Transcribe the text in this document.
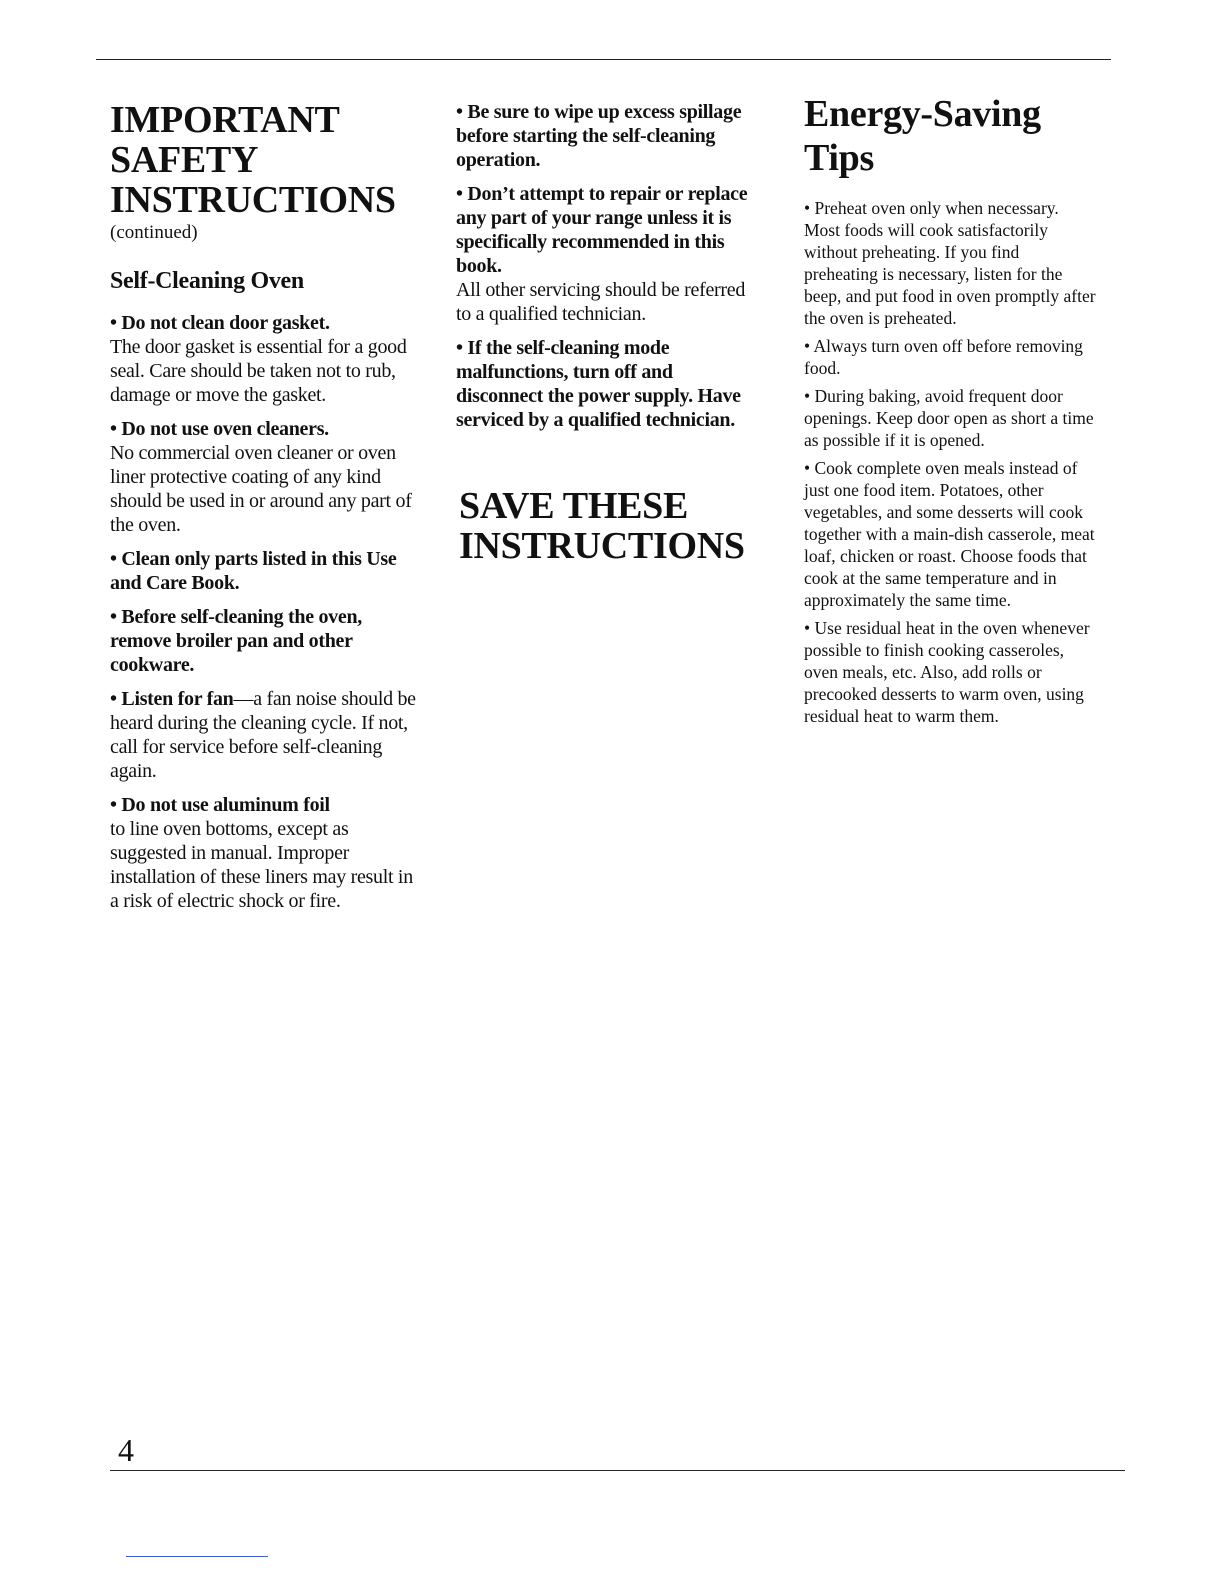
IMPORTANT
SAFETY
INSTRUCTIONS
(continued)
Self-Cleaning Oven

• Do not clean door gasket.
The door gasket is essential for a good seal. Care should be taken not to rub, damage or move the gasket.

• Do not use oven cleaners.
No commercial oven cleaner or oven liner protective coating of any kind should be used in or around any part of the oven.

• Clean only parts listed in this Use and Care Book.

• Before self-cleaning the oven, remove broiler pan and other cookware.

• Listen for fan—a fan noise should be heard during the cleaning cycle. If not, call for service before self-cleaning again.

• Do not use aluminum foil
to line oven bottoms, except as suggested in manual. Improper installation of these liners may result in a risk of electric shock or fire.

• Be sure to wipe up excess spillage before starting the self-cleaning operation.

• Don’t attempt to repair or replace any part of your range unless it is specifically recommended in this book.
All other servicing should be referred to a qualified technician.

• If the self-cleaning mode malfunctions, turn off and disconnect the power supply. Have serviced by a qualified technician.

SAVE THESE
INSTRUCTIONS
Energy-Saving
Tips

• Preheat oven only when necessary. Most foods will cook satisfactorily without preheating. If you find preheating is necessary, listen for the beep, and put food in oven promptly after the oven is preheated.

• Always turn oven off before removing food.

• During baking, avoid frequent door openings. Keep door open as short a time as possible if it is opened.

• Cook complete oven meals instead of just one food item. Potatoes, other vegetables, and some desserts will cook together with a main-dish casserole, meat loaf, chicken or roast. Choose foods that cook at the same temperature and in approximately the same time.

• Use residual heat in the oven whenever possible to finish cooking casseroles, oven meals, etc. Also, add rolls or precooked desserts to warm oven, using residual heat to warm them.

4
